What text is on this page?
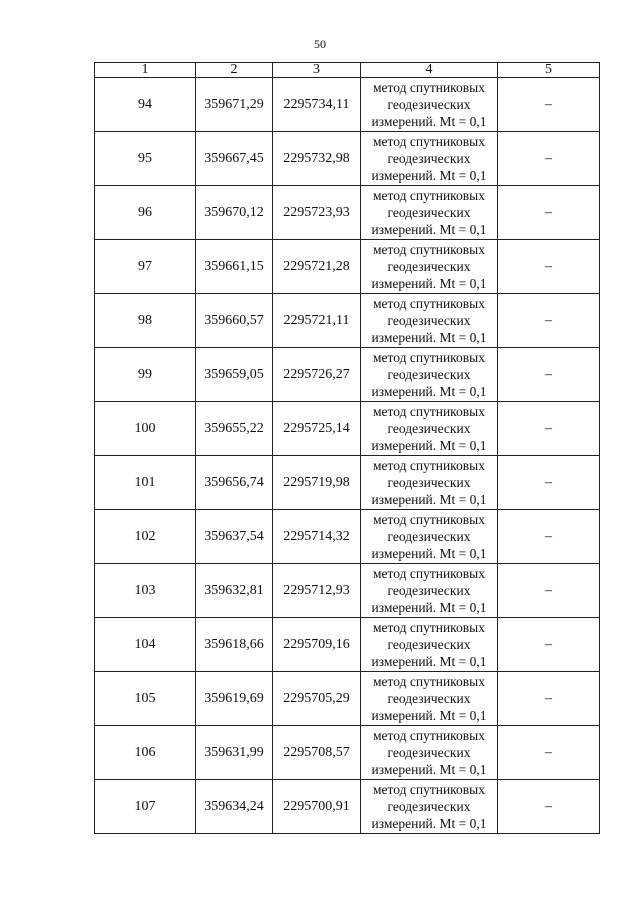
50
1	2	3	4	5
94	359671,29	2295734,11	метод спутниковых
геодезических
измерений. Mt = 0,1	–
95	359667,45	2295732,98	метод спутниковых
геодезических
измерений. Mt = 0,1	–
96	359670,12	2295723,93	метод спутниковых
геодезических
измерений. Mt = 0,1	–
97	359661,15	2295721,28	метод спутниковых
геодезических
измерений. Mt = 0,1	–
98	359660,57	2295721,11	метод спутниковых
геодезических
измерений. Mt = 0,1	–
99	359659,05	2295726,27	метод спутниковых
геодезических
измерений. Mt = 0,1	–
100	359655,22	2295725,14	метод спутниковых
геодезических
измерений. Mt = 0,1	–
101	359656,74	2295719,98	метод спутниковых
геодезических
измерений. Mt = 0,1	–
102	359637,54	2295714,32	метод спутниковых
геодезических
измерений. Mt = 0,1	–
103	359632,81	2295712,93	метод спутниковых
геодезических
измерений. Mt = 0,1	–
104	359618,66	2295709,16	метод спутниковых
геодезических
измерений. Mt = 0,1	–
105	359619,69	2295705,29	метод спутниковых
геодезических
измерений. Mt = 0,1	–
106	359631,99	2295708,57	метод спутниковых
геодезических
измерений. Mt = 0,1	–
107	359634,24	2295700,91	метод спутниковых
геодезических
измерений. Mt = 0,1	–
